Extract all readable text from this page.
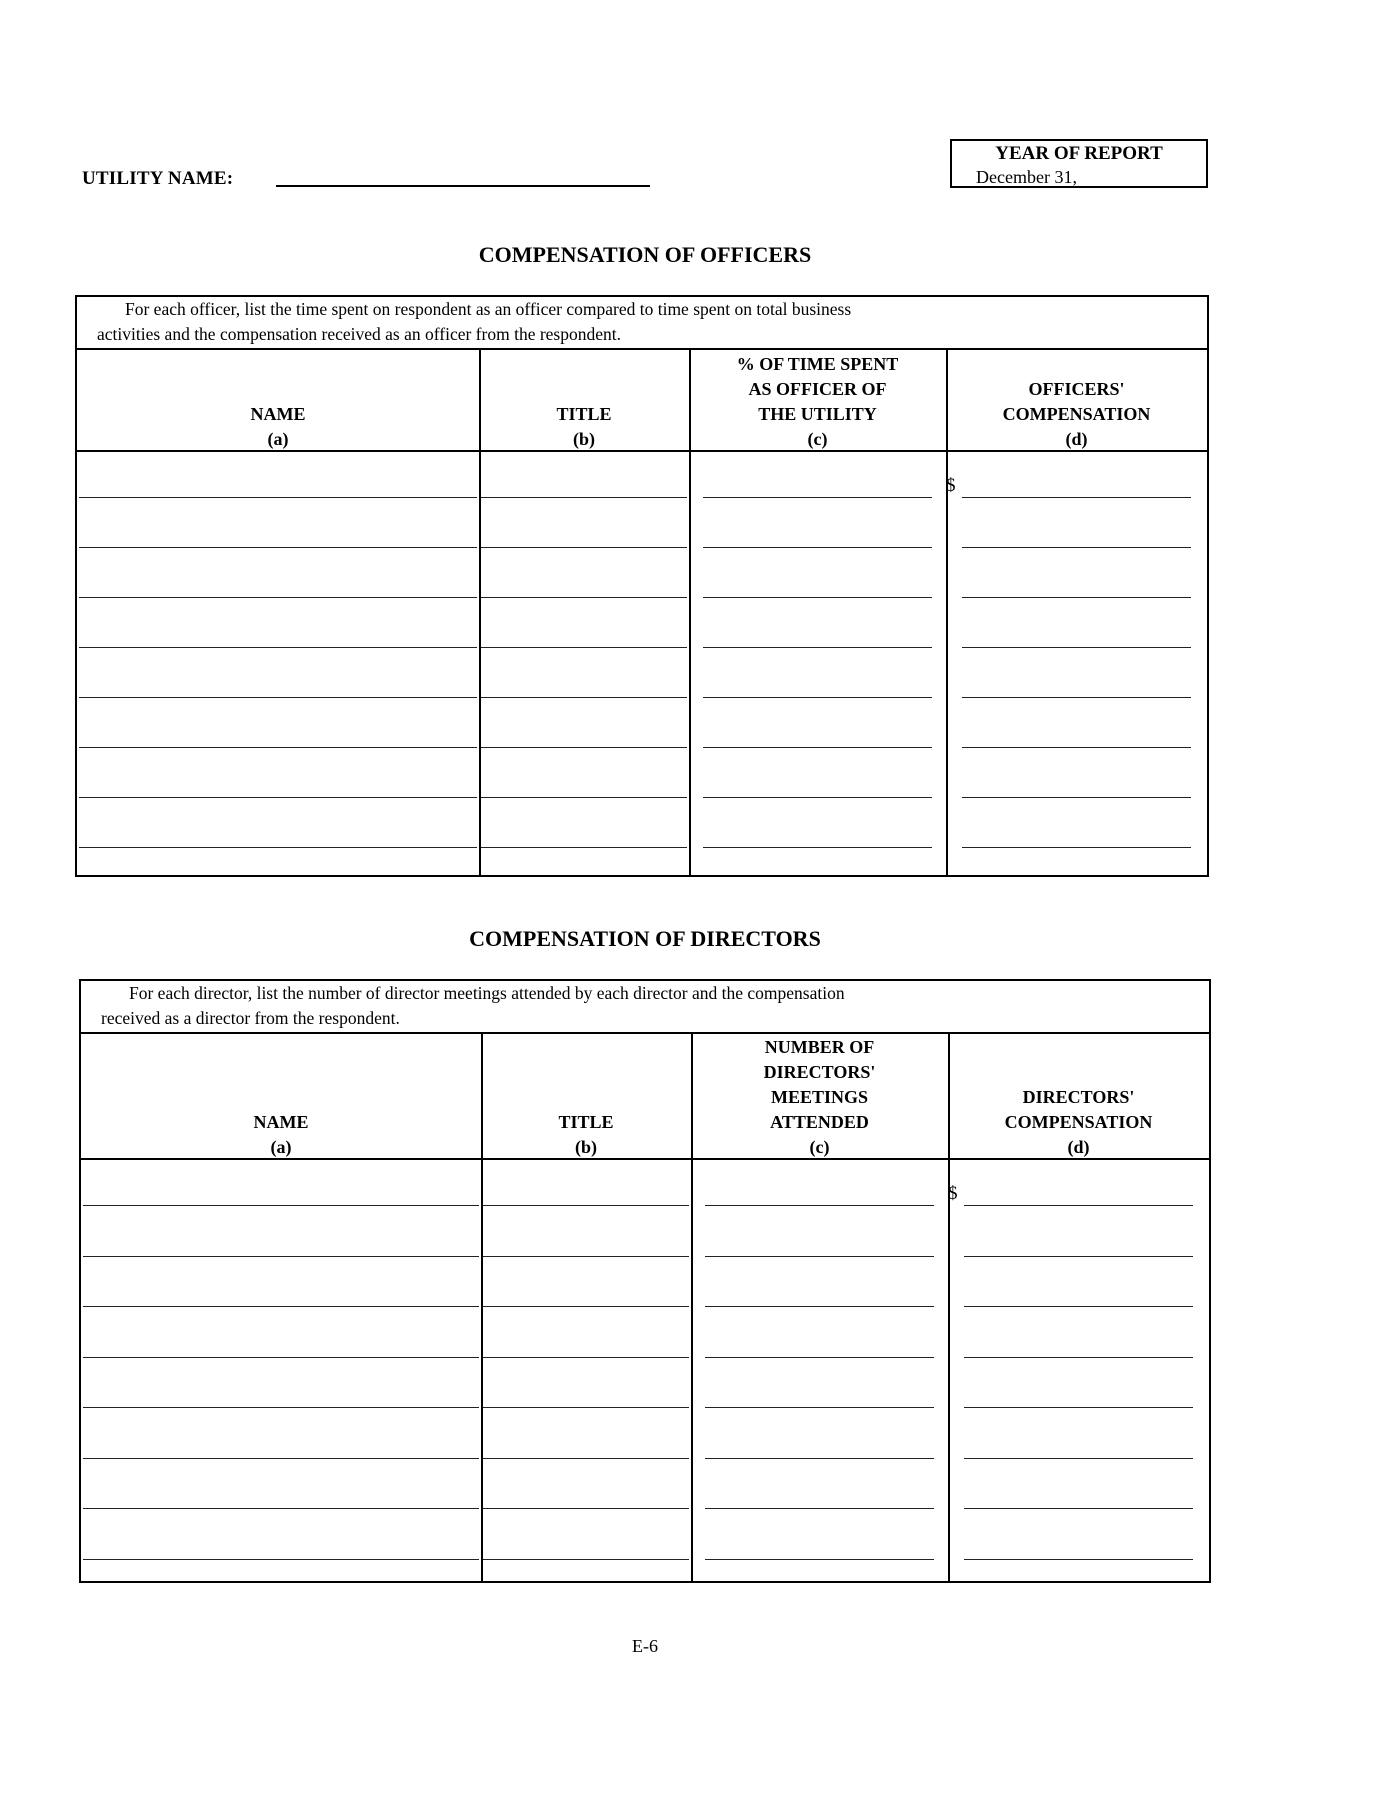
UTILITY NAME:
YEAR OF REPORT
December 31,
COMPENSATION OF OFFICERS
For each officer, list the time spent on respondent as an officer compared to time spent on total business
activities and the compensation received as an officer from the respondent.
NAME
(a)
TITLE
(b)
% OF TIME SPENT
AS OFFICER OF
THE UTILITY
(c)
OFFICERS'
COMPENSATION
(d)
$
COMPENSATION OF DIRECTORS
For each director, list the number of director meetings attended by each director and the compensation
received as a director from the respondent.
NAME
(a)
TITLE
(b)
NUMBER OF
DIRECTORS'
MEETINGS
ATTENDED
(c)
DIRECTORS'
COMPENSATION
(d)
$
E-6
